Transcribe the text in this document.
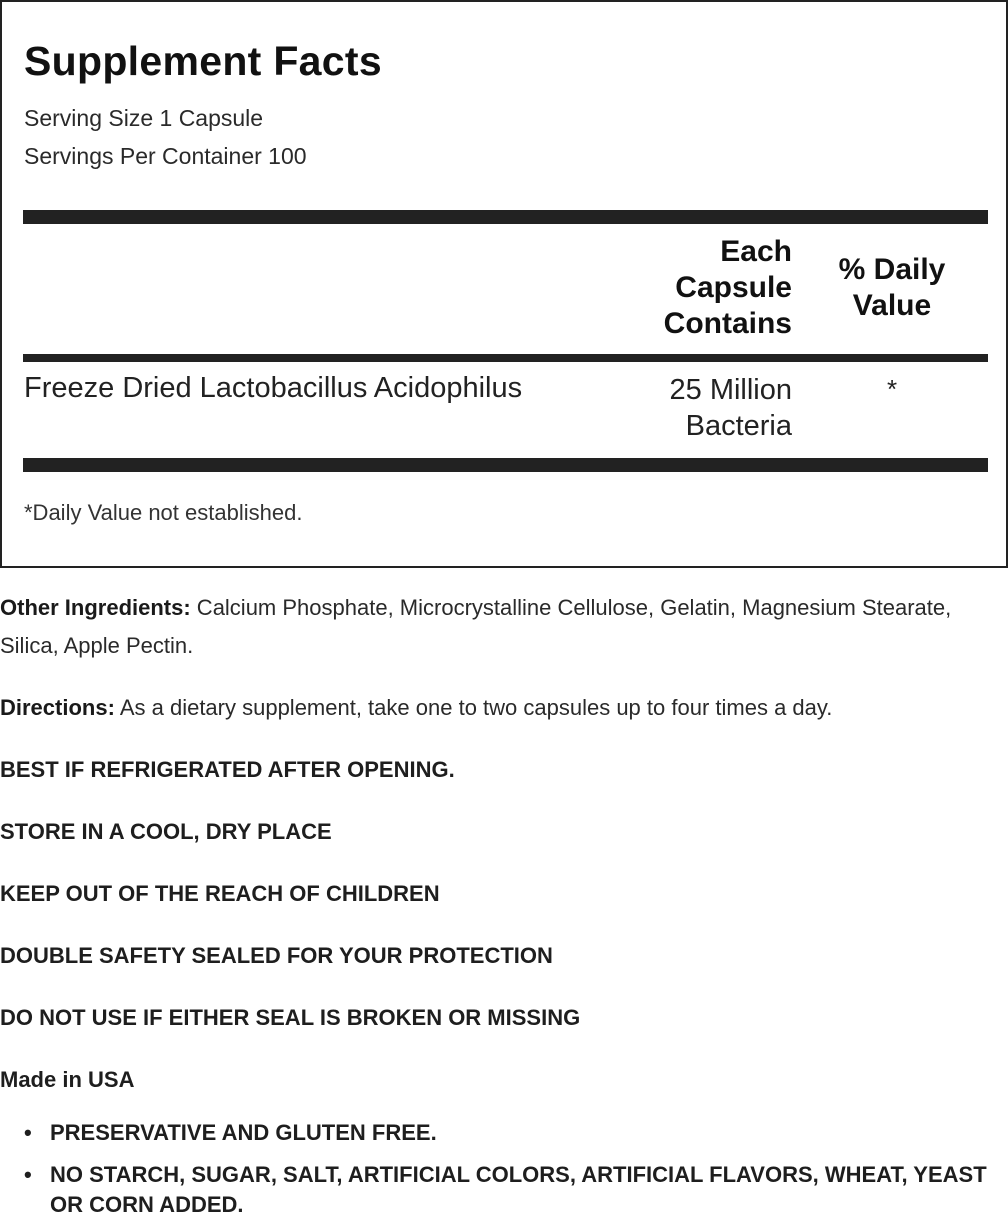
Supplement Facts
Serving Size 1 Capsule
Servings Per Container 100
Each
Capsule
Contains
% Daily
Value
Freeze Dried Lactobacillus Acidophilus	25 Million
Bacteria
*
*Daily Value not established.
Other Ingredients: Calcium Phosphate, Microcrystalline Cellulose, Gelatin, Magnesium Stearate, Silica, Apple Pectin.
Directions: As a dietary supplement, take one to two capsules up to four times a day.
BEST IF REFRIGERATED AFTER OPENING.
STORE IN A COOL, DRY PLACE
KEEP OUT OF THE REACH OF CHILDREN
DOUBLE SAFETY SEALED FOR YOUR PROTECTION
DO NOT USE IF EITHER SEAL IS BROKEN OR MISSING
Made in USA
• PRESERVATIVE AND GLUTEN FREE.
• NO STARCH, SUGAR, SALT, ARTIFICIAL COLORS, ARTIFICIAL FLAVORS, WHEAT, YEAST OR CORN ADDED.
